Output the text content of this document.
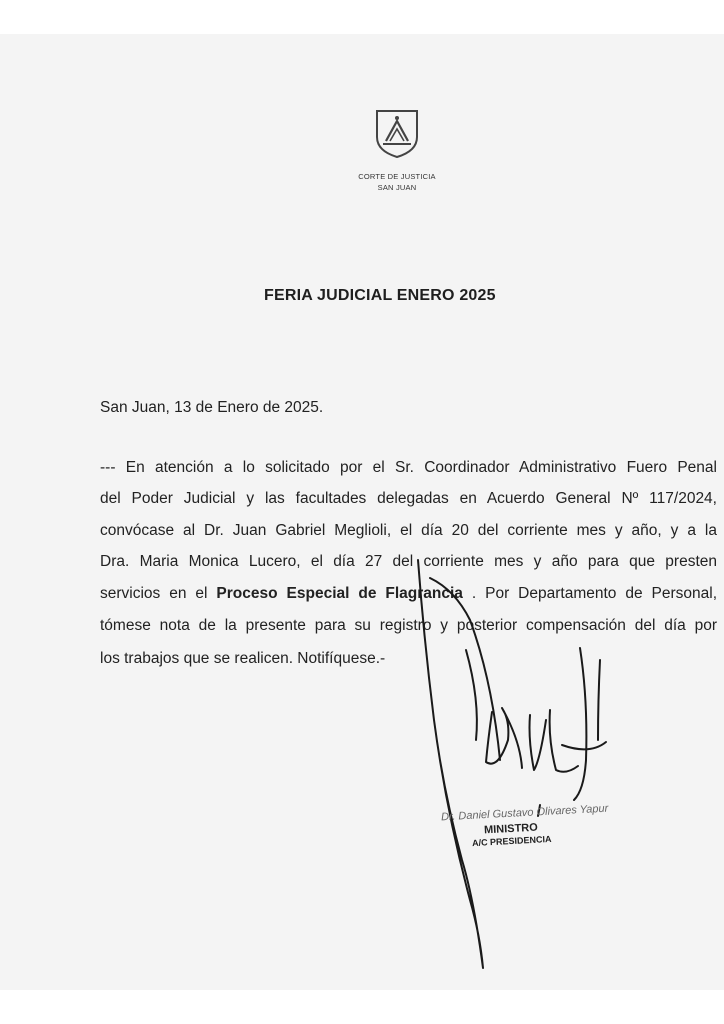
CORTE DE JUSTICIA
SAN JUAN
FERIA JUDICIAL ENERO 2025
San Juan, 13 de Enero de 2025.
--- En atención a lo solicitado por el Sr. Coordinador Administrativo Fuero Penal
del Poder Judicial y las facultades delegadas en Acuerdo General Nº 117/2024,
convócase al Dr. Juan Gabriel Meglioli, el día 20 del corriente mes y año, y a la
Dra. Maria Monica Lucero, el día 27 del corriente mes y año para que presten
servicios en el Proceso Especial de Flagrancia . Por Departamento de Personal,
tómese nota de la presente para su registro y posterior compensación del día por
los trabajos que se realicen. Notifíquese.-
Dr. Daniel Gustavo Olivares Yapur
MINISTRO
A/C PRESIDENCIA
